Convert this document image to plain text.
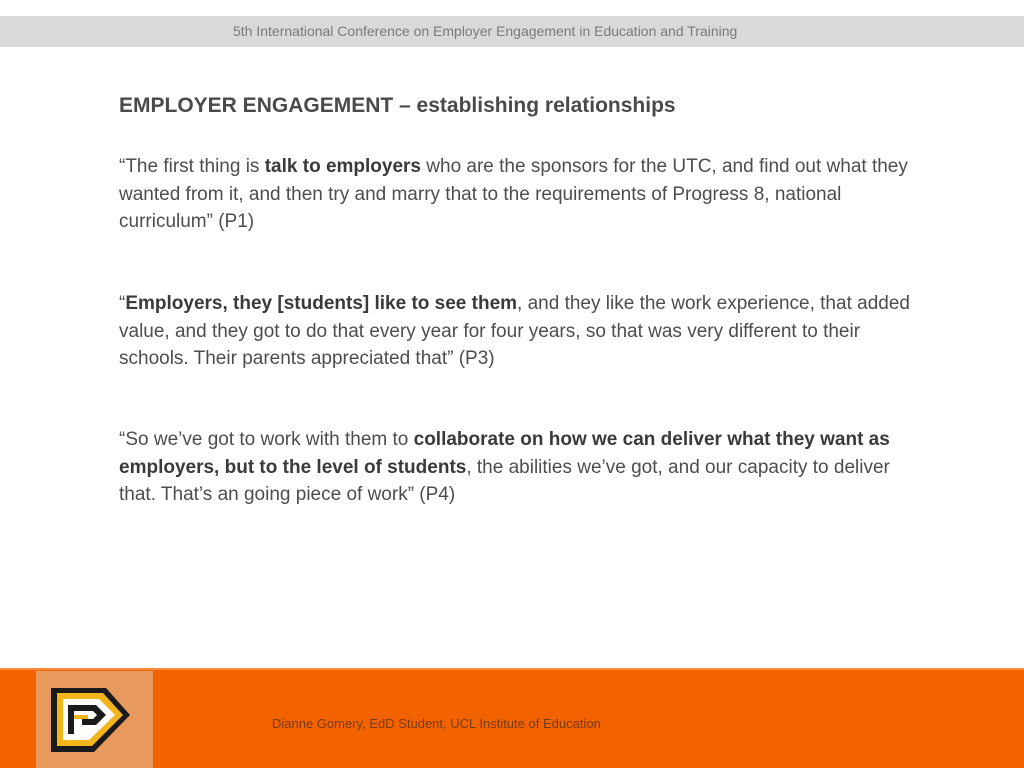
5th International Conference on Employer Engagement in Education and Training
EMPLOYER ENGAGEMENT – establishing relationships
“The first thing is talk to employers who are the sponsors for the UTC, and find out what they wanted from it, and then try and marry that to the requirements of Progress 8, national curriculum” (P1)
“Employers, they [students] like to see them, and they like the work experience, that added value, and they got to do that every year for four years, so that was very different to their schools. Their parents appreciated that” (P3)
“So we’ve got to work with them to collaborate on how we can deliver what they want as employers, but to the level of students, the abilities we’ve got, and our capacity to deliver that. That’s an going piece of work” (P4)
Dianne Gomery, EdD Student, UCL Institute of Education
